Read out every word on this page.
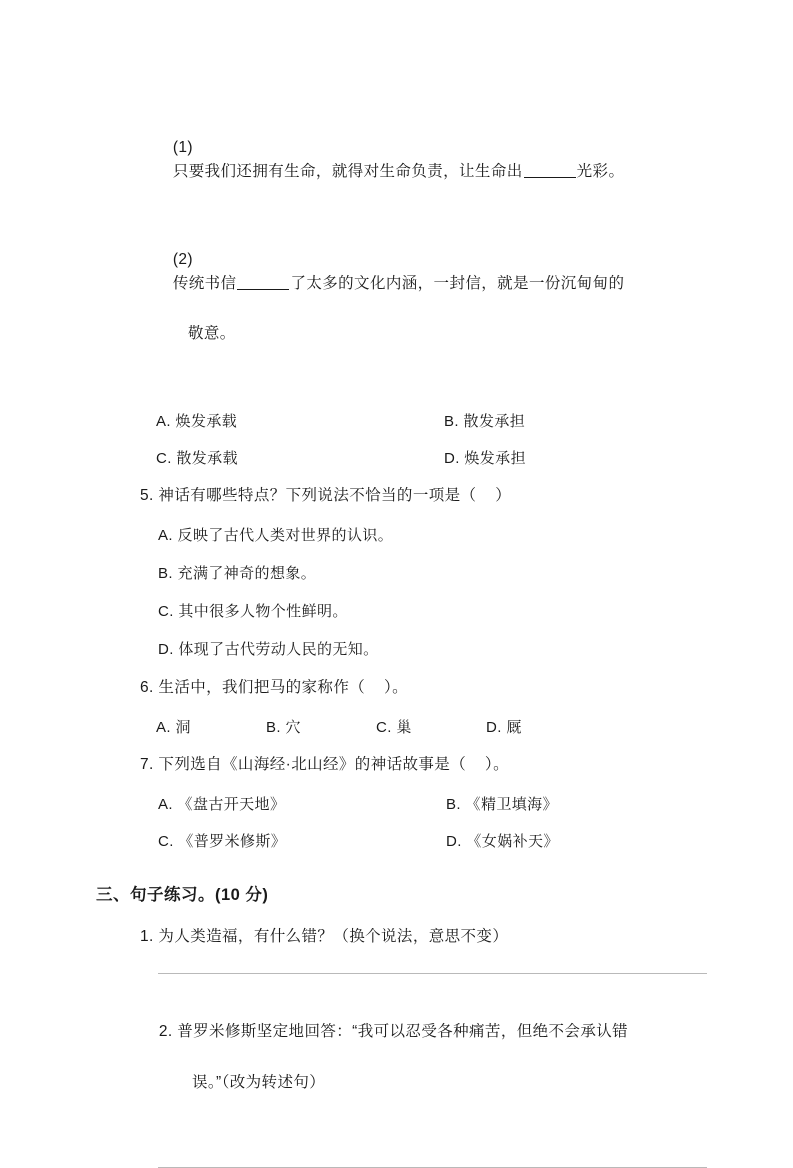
(1)
只要我们还拥有生命，就得对生命负责，让生命出	光彩。

(2)
传统书信	了太多的文化内涵，一封信，就是一份沉甸甸的

敬意。

A. 焕发承载	B. 散发承担
C. 散发承载	D. 焕发承担
5. 神话有哪些特点？下列说法不恰当的一项是（    ）
A. 反映了古代人类对世界的认识。
B. 充满了神奇的想象。
C. 其中很多人物个性鲜明。
D. 体现了古代劳动人民的无知。
6. 生活中，我们把马的家称作（    ）。
A. 洞	B. 穴	C. 巢	D. 厩
7. 下列选自《山海经·北山经》的神话故事是（    ）。
A. 《盘古开天地》	B. 《精卫填海》
C. 《普罗米修斯》	D. 《女娲补天》
三、句子练习。(10 分)
1. 为人类造福，有什么错？（换个说法，意思不变）

2. 普罗米修斯坚定地回答：“我可以忍受各种痛苦，但绝不会承认错

误。”（改为转述句）
